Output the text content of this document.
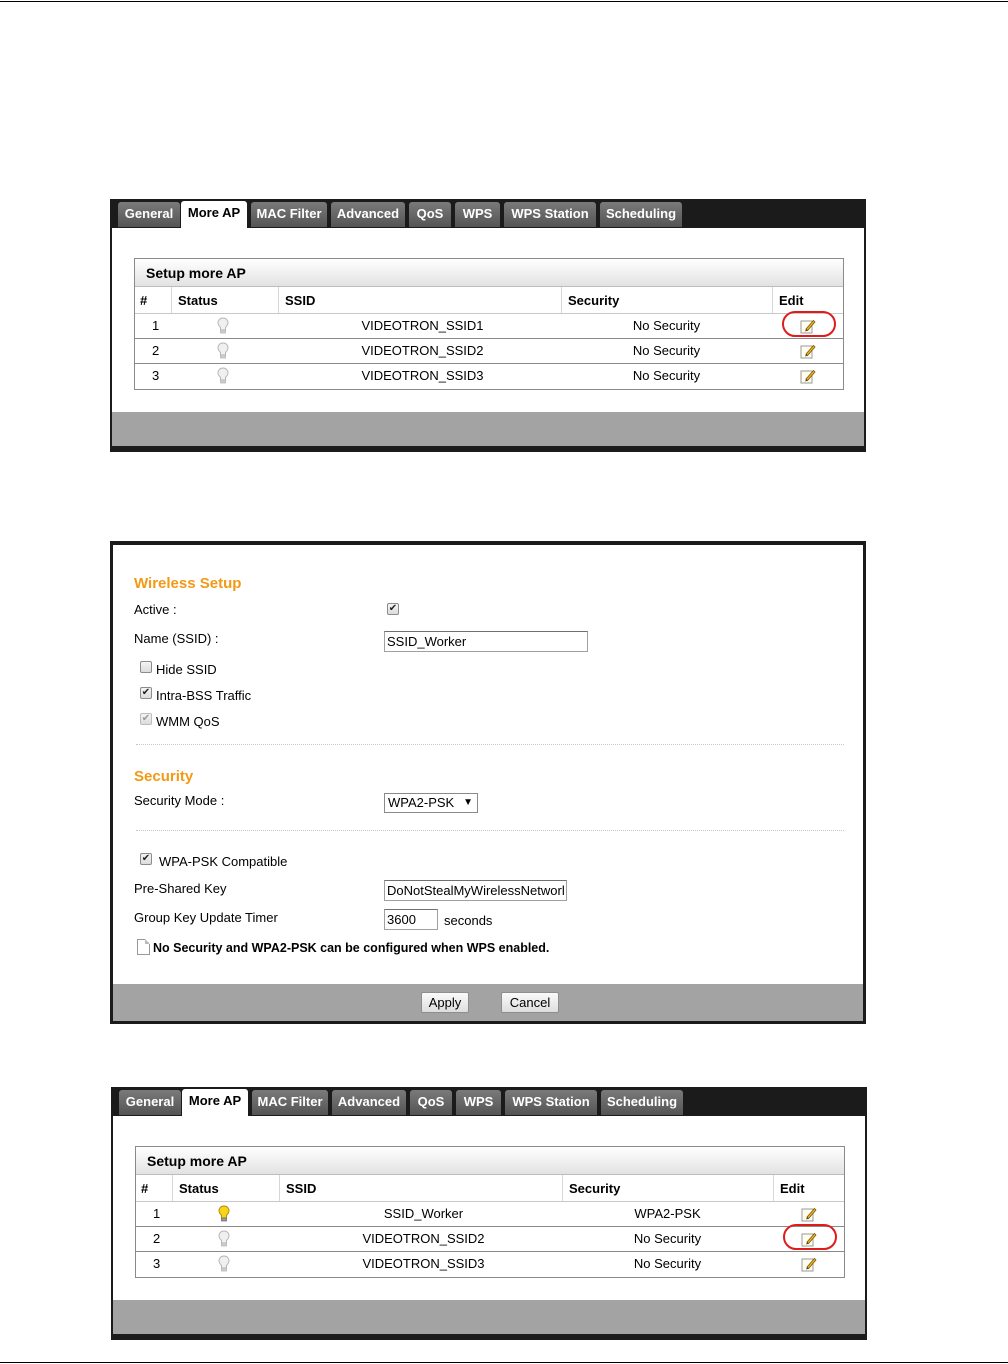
General	More AP	MAC Filter	Advanced	QoS	WPS	WPS Station	Scheduling
Setup more AP
#	Status	SSID	Security	Edit
1	VIDEOTRON_SSID1	No Security
2	VIDEOTRON_SSID2	No Security
3	VIDEOTRON_SSID3	No Security
Wireless Setup
Active :	✔
Name (SSID) :	SSID_Worker
Hide SSID
✔ Intra-BSS Traffic
✔ WMM QoS
Security
Security Mode :	WPA2-PSK ▼
✔ WPA-PSK Compatible
Pre-Shared Key	DoNotStealMyWirelessNetworl
Group Key Update Timer	3600	seconds
No Security and WPA2-PSK can be configured when WPS enabled.
Apply	Cancel
General	More AP	MAC Filter	Advanced	QoS	WPS	WPS Station	Scheduling
Setup more AP
#	Status	SSID	Security	Edit
1	SSID_Worker	WPA2-PSK
2	VIDEOTRON_SSID2	No Security
3	VIDEOTRON_SSID3	No Security
